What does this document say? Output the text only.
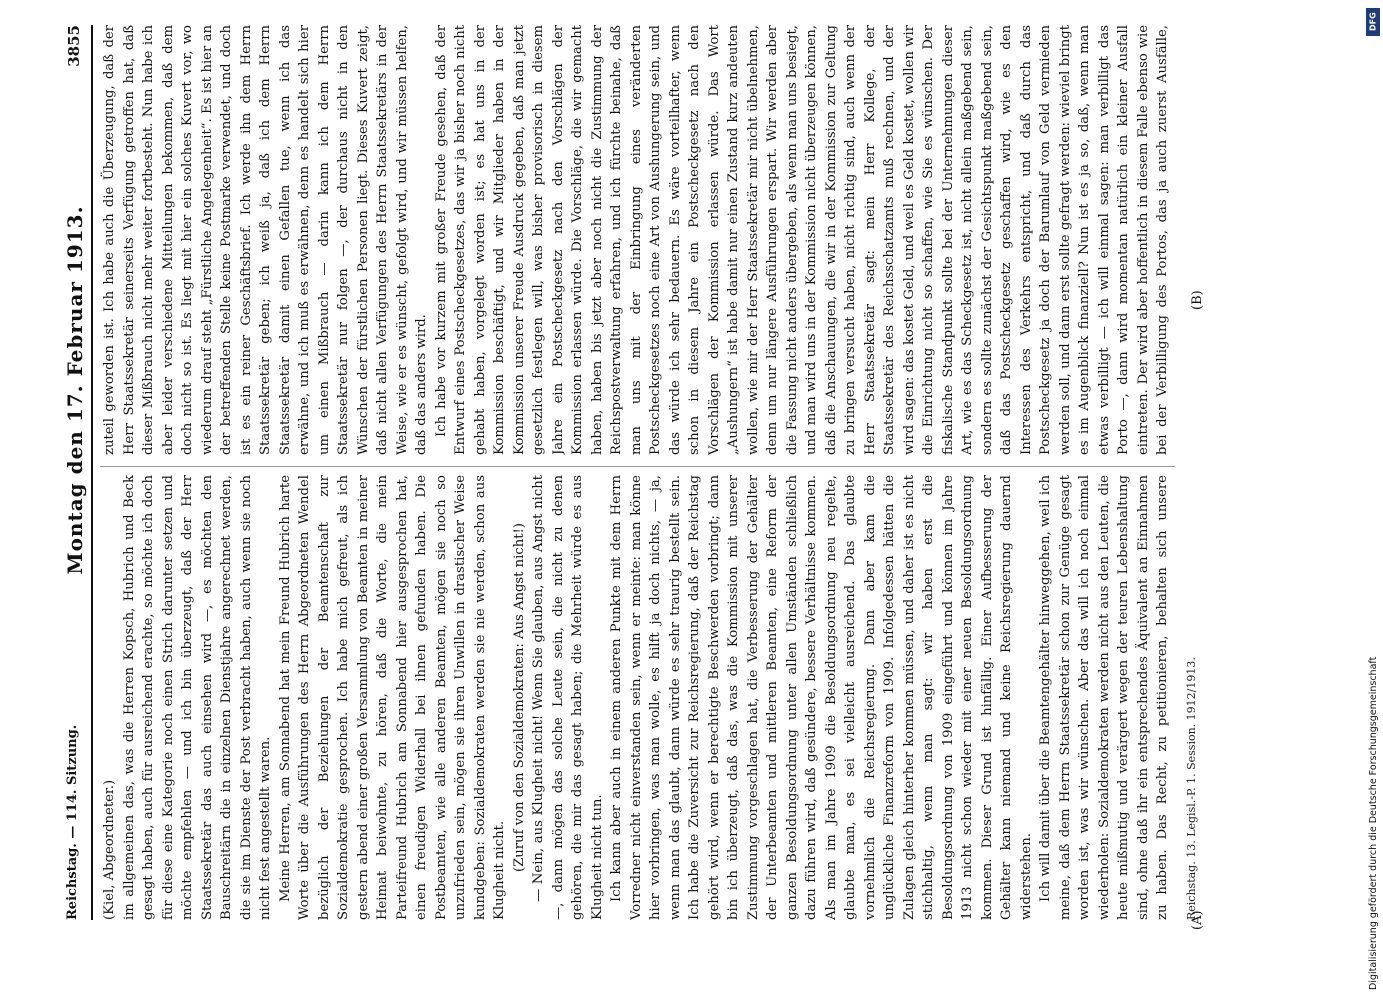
Reichstag. — 114. Sitzung.
Montag den 17. Februar 1913.
3855

(Kiel, Abgeordneter.) im allgemeinen das, was die Herren Kopsch, Hubrich und Beck gesagt haben, auch für ausreichend erachte, so möchte ich doch für diese eine Kategorie noch einen Strich darunter setzen und möchte empfehlen — und ich bin überzeugt, daß der Herr Staatssekretär das auch einsehen wird —, es möchten den Bauschreitärn die in einzelnen Dienstjahre angerechnet werden, die sie im Dienste der Post verbracht haben, auch wenn sie noch nicht fest angestellt waren. Meine Herren, am Sonnabend hat mein Freund Hubrich harte Worte über die Ausführungen des Herrn Abgeordneten Wendel bezüglich der Beziehungen der Beamtenschaft zur Sozialdemokratie gesprochen. Ich habe mich gefreut, als ich gestern abend einer großen Versammlung von Beamten in meiner Heimat beiwohnte, zu hören, daß die Worte, die mein Parteifreund Hubrich am Sonnabend hier ausgesprochen hat, einen freudigen Widerhall bei ihnen gefunden haben. Die Postbeamten, wie alle anderen Beamten, mögen sie noch so unzufrieden sein, mögen sie ihren Unwillen in drastischer Weise kundgeben: Sozialdemokraten werden sie nie werden, schon aus Klugheit nicht. (Zuruf von den Sozialdemokraten: Aus Angst nicht!) — Nein, aus Klugheit nicht! Wenn Sie glauben, aus Angst nicht —, dann mögen das solche Leute sein, die nicht zu denen gehören, die mir das gesagt haben; die Mehrheit würde es aus Klugheit nicht tun. Ich kann aber auch in einem anderen Punkte mit dem Herrn Vorredner nicht einverstanden sein, wenn er meinte: man könne hier vorbringen, was man wolle, es hilft ja doch nichts, — ja, wenn man das glaubt, dann würde es sehr traurig bestellt sein. Ich habe die Zuversicht zur Reichsregierung, daß der Reichstag gehört wird, wenn er berechtigte Beschwerden vorbringt; dann bin ich überzeugt, daß das, was die Kommission mit unserer Zustimmung vorgeschlagen hat, die Verbesserung der Gehälter der Unterbeamten und mittleren Beamten, eine Reform der ganzen Besoldungsordnung unter allen Umständen schließlich dazu führen wird, daß gesündere, bessere Verhältnisse kommen. Als man im Jahre 1909 die Besoldungsordnung neu regelte, glaubte man, es sei vielleicht ausreichend. Das glaubte vornehmlich die Reichsregierung. Dann aber kam die unglückliche Finanzreform von 1909. Infolgedessen hätten die Zulagen gleich hinterher kommen müssen, und daher ist es nicht stichhaltig, wenn man sagt: wir haben erst die Besoldungsordnung von 1909 eingeführt und können im Jahre 1913 nicht schon wieder mit einer neuen Besoldungsordnung kommen. Dieser Grund ist hinfällig. Einer Aufbesserung der Gehälter kann niemand und keine Reichsregierung dauernd widerstehen. Ich will damit über die Beamtengehälter hinweggehen, weil ich meine, daß dem Herrn Staatssekretär schon zur Genüge gesagt worden ist, was wir wünschen. Aber das will ich noch einmal wiederholen: Sozialdemokraten werden nicht aus den Leuten, die heute mißmutig und verärgert wegen der teuren Lebenshaltung sind, ohne daß ihr ein entsprechendes Äquivalent an Einnahmen zu haben. Das Recht, zu petitionieren, behalten sich unsere

zuteil geworden ist. Ich habe auch die Überzeugung, daß der Herr Staatssekretär seinerseits Verfügung getroffen hat, daß dieser Mißbrauch nicht mehr weiter fortbesteht. Nun habe ich aber leider verschiedene Mitteilungen bekommen, daß dem doch nicht so ist. Es liegt mit hier ein solches Kuvert vor, wo wiederum drauf steht „Fürstliche Angelegenheit“. Es ist hier an der betreffenden Stelle keine Postmarke verwendet, und doch ist es ein reiner Geschäftsbrief. Ich werde ihn dem Herrn Staatssekretär geben; ich weiß ja, daß ich dem Herrn Staatssekretär damit einen Gefallen tue, wenn ich das erwähne, und ich muß es erwähnen, denn es handelt sich hier um einen Mißbrauch — darin kann ich dem Herrn Staatssekretär nur folgen —, der durchaus nicht in den Wünschen der fürstlichen Personen liegt. Dieses Kuvert zeigt, daß nicht allen Verfügungen des Herrn Staatssekretärs in der Weise, wie er es wünscht, gefolgt wird, und wir müssen helfen, daß das anders wird. Ich habe vor kurzem mit großer Freude gesehen, daß der Entwurf eines Postscheckgesetzes, das wir ja bisher noch nicht gehabt haben, vorgelegt worden ist; es hat uns in der Kommission beschäftigt, und wir Mitglieder haben in der Kommission unserer Freude Ausdruck gegeben, daß man jetzt gesetzlich festlegen will, was bisher provisorisch in diesem Jahre ein Postscheckgesetz nach den Vorschlägen der Kommission erlassen würde. Die Vorschläge, die wir gemacht haben, haben bis jetzt aber noch nicht die Zustimmung der Reichspostverwaltung erfahren, und ich fürchte beinahe, daß man uns mit der Einbringung eines veränderten Postscheckgesetzes noch eine Art von Aushungerung sein, und das würde ich sehr bedauern. Es wäre vorteilhafter, wenn schon in diesem Jahre ein Postscheckgesetz nach den Vorschlägen der Kommission erlassen würde. Das Wort „Aushungern“ ist habe damit nur einen Zustand kurz andeuten wollen, wie mir der Herr Staatssekretär mir nicht übelnehmen, denn um nur längere Ausführungen erspart. Wir werden aber die Fassung nicht anders übergeben, als wenn man uns besiegt, und man wird uns in der Kommission nicht überzeugen können, daß die Anschauungen, die wir in der Kommission zur Geltung zu bringen versucht haben, nicht richtig sind, auch wenn der Herr Staatssekretär sagt: mein Herr Kollege, der Staatssekretär des Reichsschatzamts muß rechnen, und der wird sagen: das kostet Geld, und weil es Geld kostet, wollen wir die Einrichtung nicht so schaffen, wie Sie es wünschen. Der fiskalische Standpunkt sollte bei der Unternehmungen dieser Art, wie es das Scheckgesetz ist, nicht allein maßgebend sein, sondern es sollte zunächst der Gesichtspunkt maßgebend sein, daß das Postscheckgesetz geschaffen wird, wie es den Interessen des Verkehrs entspricht, und daß durch das Postscheckgesetz ja doch der Barumlauf von Geld vermieden werden soll, und dann erst sollte gefragt werden: wieviel bringt es im Augenblick finanziell? Nun ist es ja so, daß, wenn man etwas verbilligt — ich will einmal sagen: man verbilligt das Porto —, dann wird momentan natürlich ein kleiner Ausfall eintreten. Der wird aber hoffentlich in diesem Falle ebenso wie bei der Verbilligung des Portos, das ja auch zuerst Ausfälle,

(A)
(B)
Reichstag. 13. Legisl.-P. 1. Session. 1912/1913.
DFG
Digitalisierung gefördert durch die Deutsche Forschungsgemeinschaft
